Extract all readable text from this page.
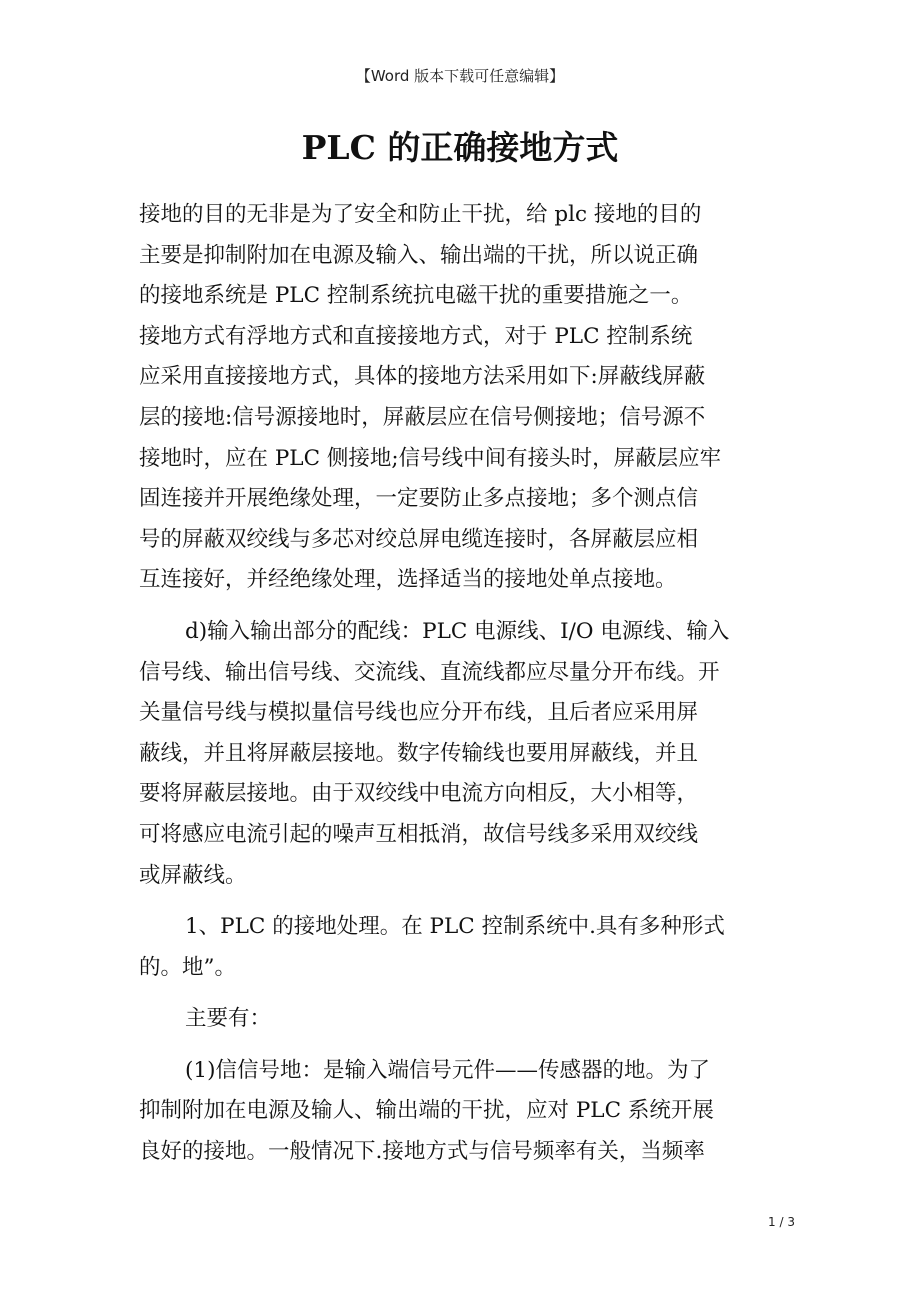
【Word 版本下载可任意编辑】
PLC 的正确接地方式

接地的目的无非是为了安全和防止干扰，给 plc 接地的目的
主要是抑制附加在电源及输入、输出端的干扰，所以说正确
的接地系统是 PLC 控制系统抗电磁干扰的重要措施之一。
接地方式有浮地方式和直接接地方式，对于 PLC 控制系统
应采用直接接地方式，具体的接地方法采用如下:屏蔽线屏蔽
层的接地:信号源接地时，屏蔽层应在信号侧接地；信号源不
接地时，应在 PLC 侧接地;信号线中间有接头时，屏蔽层应牢
固连接并开展绝缘处理，一定要防止多点接地；多个测点信
号的屏蔽双绞线与多芯对绞总屏电缆连接时，各屏蔽层应相
互连接好，并经绝缘处理，选择适当的接地处单点接地。

d)输入输出部分的配线：PLC 电源线、I/O 电源线、输入
信号线、输出信号线、交流线、直流线都应尽量分开布线。开
关量信号线与模拟量信号线也应分开布线，且后者应采用屏
蔽线，并且将屏蔽层接地。数字传输线也要用屏蔽线，并且
要将屏蔽层接地。由于双绞线中电流方向相反，大小相等，
可将感应电流引起的噪声互相抵消，故信号线多采用双绞线
或屏蔽线。

1、PLC 的接地处理。在 PLC 控制系统中.具有多种形式
的。地”。

主要有：

(1)信信号地：是输入端信号元件——传感器的地。为了
抑制附加在电源及输人、输出端的干扰，应对 PLC 系统开展
良好的接地。一般情况下.接地方式与信号频率有关，当频率

1 / 3
